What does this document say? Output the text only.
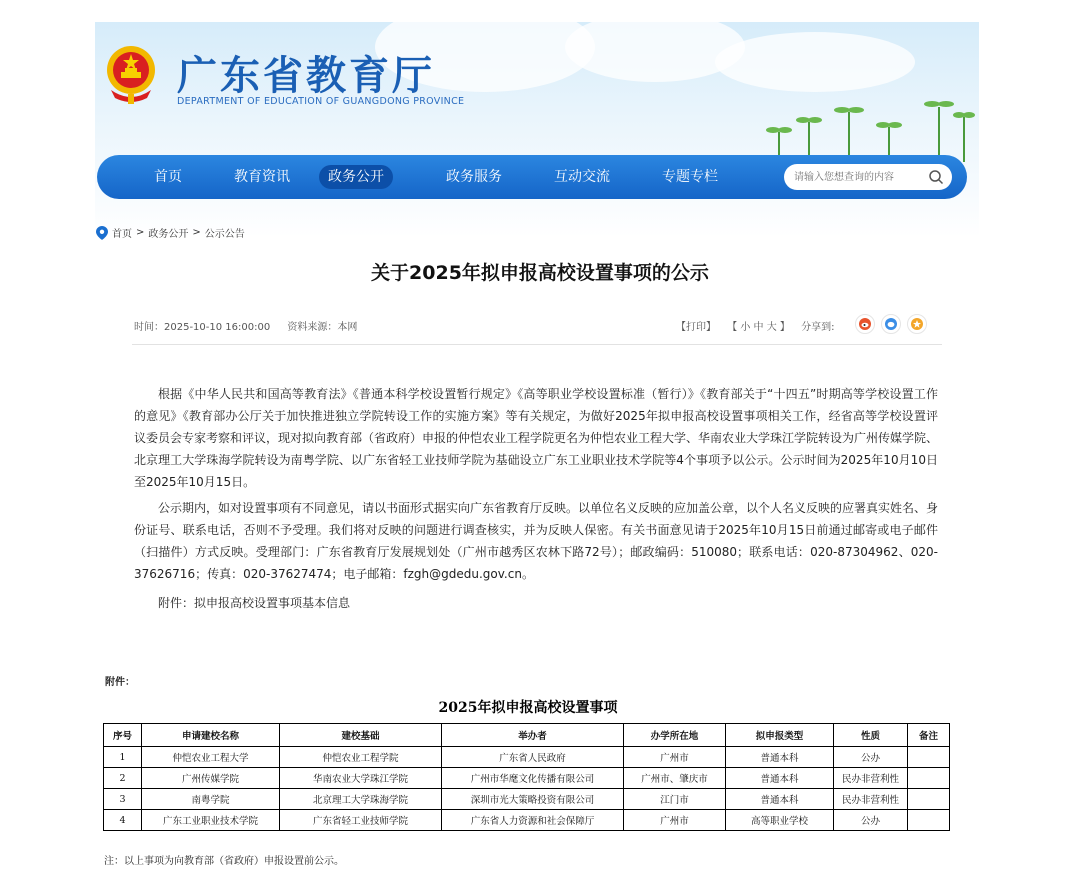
广东省教育厅
DEPARTMENT OF EDUCATION OF GUANGDONG PROVINCE
首页	教育资讯	政务公开	政务服务	互动交流	专题专栏
请输入您想查询的内容
首页 > 政务公开 > 公示公告
关于2025年拟申报高校设置事项的公示
时间：2025-10-10 16:00:00 资料来源：本网	【打印】 【 小 中 大 】 分享到:

根据《中华人民共和国高等教育法》《普通本科学校设置暂行规定》《高等职业学校设置标准（暂行）》《教育部关于“十四五”时期高等学校设置工作的意见》《教育部办公厅关于加快推进独立学院转设工作的实施方案》等有关规定，为做好2025年拟申报高校设置事项相关工作，经省高等学校设置评议委员会专家考察和评议，现对拟向教育部（省政府）申报的仲恺农业工程学院更名为仲恺农业工程大学、华南农业大学珠江学院转设为广州传媒学院、北京理工大学珠海学院转设为南粤学院、以广东省轻工业技师学院为基础设立广东工业职业技术学院等4个事项予以公示。公示时间为2025年10月10日至2025年10月15日。

公示期内，如对设置事项有不同意见，请以书面形式据实向广东省教育厅反映。以单位名义反映的应加盖公章，以个人名义反映的应署真实姓名、身份证号、联系电话，否则不予受理。我们将对反映的问题进行调查核实，并为反映人保密。有关书面意见请于2025年10月15日前通过邮寄或电子邮件（扫描件）方式反映。受理部门：广东省教育厅发展规划处（广州市越秀区农林下路72号）；邮政编码：510080；联系电话：020-87304962、020-37626716；传真：020-37627474；电子邮箱：fzgh@gdedu.gov.cn。

附件：拟申报高校设置事项基本信息

附件：
2025年拟申报高校设置事项
序号	申请建校名称	建校基础	举办者	办学所在地	拟申报类型	性质	备注
1	仲恺农业工程大学	仲恺农业工程学院	广东省人民政府	广州市	普通本科	公办	
2	广州传媒学院	华南农业大学珠江学院	广州市华麾文化传播有限公司	广州市、肇庆市	普通本科	民办非营利性	
3	南粤学院	北京理工大学珠海学院	深圳市光大策略投资有限公司	江门市	普通本科	民办非营利性	
4	广东工业职业技术学院	广东省轻工业技师学院	广东省人力资源和社会保障厅	广州市	高等职业学校	公办	
注：以上事项为向教育部（省政府）申报设置前公示。
